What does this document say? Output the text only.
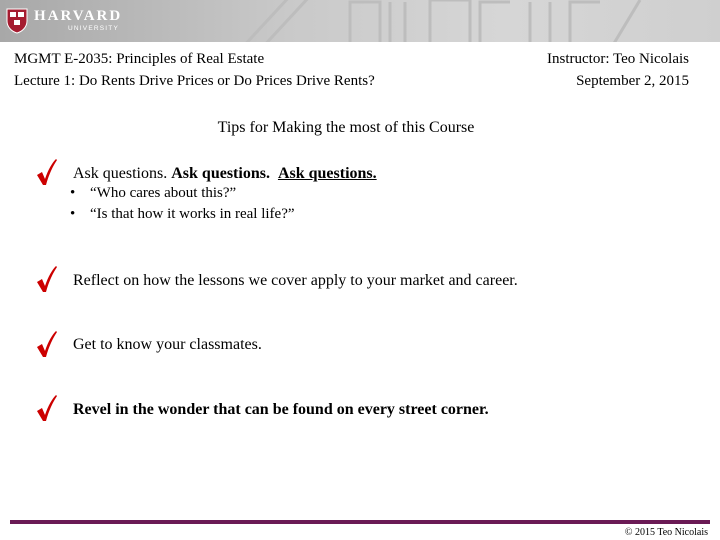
HARVARD
UNIVERSITY
MGMT E-2035: Principles of Real Estate
Lecture 1: Do Rents Drive Prices or Do Prices Drive Rents?
Instructor: Teo Nicolais
September 2, 2015
Tips for Making the most of this Course
Ask questions. Ask questions. Ask questions.
• “Who cares about this?”
• “Is that how it works in real life?”
Reflect on how the lessons we cover apply to your market and career.
Get to know your classmates.
Revel in the wonder that can be found on every street corner.
© 2015 Teo Nicolais
